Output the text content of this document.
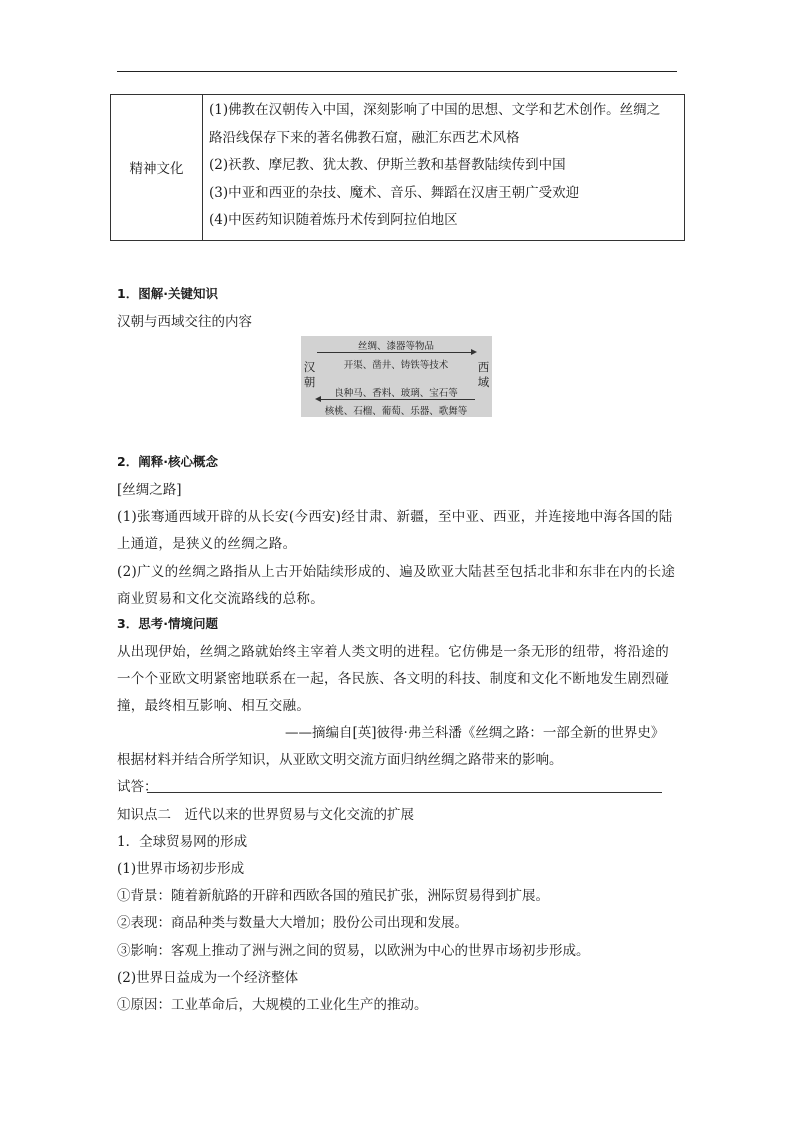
精神文化	

(1)佛教在汉朝传入中国，深刻影响了中国的思想、文学和艺术创作。丝绸之

路沿线保存下来的著名佛教石窟，融汇东西艺术风格

(2)祆教、摩尼教、犹太教、伊斯兰教和基督教陆续传到中国

(3)中亚和西亚的杂技、魔术、音乐、舞蹈在汉唐王朝广受欢迎

(4)中医药知识随着炼丹术传到阿拉伯地区

1．图解·关键知识
汉朝与西域交往的内容
汉
朝
西
域
丝绸、漆器等物品
开渠、凿井、铸铁等技术
良种马、香料、玻璃、宝石等
核桃、石榴、葡萄、乐器、歌舞等
2．阐释·核心概念
[丝绸之路]
(1)张骞通西域开辟的从长安(今西安)经甘肃、新疆，至中亚、西亚，并连接地中海各国的陆
上通道，是狭义的丝绸之路。
(2)广义的丝绸之路指从上古开始陆续形成的、遍及欧亚大陆甚至包括北非和东非在内的长途
商业贸易和文化交流路线的总称。
3．思考·情境问题
从出现伊始，丝绸之路就始终主宰着人类文明的进程。它仿佛是一条无形的纽带，将沿途的
一个个亚欧文明紧密地联系在一起，各民族、各文明的科技、制度和文化不断地发生剧烈碰
撞，最终相互影响、相互交融。
——摘编自[英]彼得·弗兰科潘《丝绸之路：一部全新的世界史》
根据材料并结合所学知识，从亚欧文明交流方面归纳丝绸之路带来的影响。
试答：
知识点二　近代以来的世界贸易与文化交流的扩展
1．全球贸易网的形成
(1)世界市场初步形成
①背景：随着新航路的开辟和西欧各国的殖民扩张，洲际贸易得到扩展。
②表现：商品种类与数量大大增加；股份公司出现和发展。
③影响：客观上推动了洲与洲之间的贸易，以欧洲为中心的世界市场初步形成。
(2)世界日益成为一个经济整体
①原因：工业革命后，大规模的工业化生产的推动。
